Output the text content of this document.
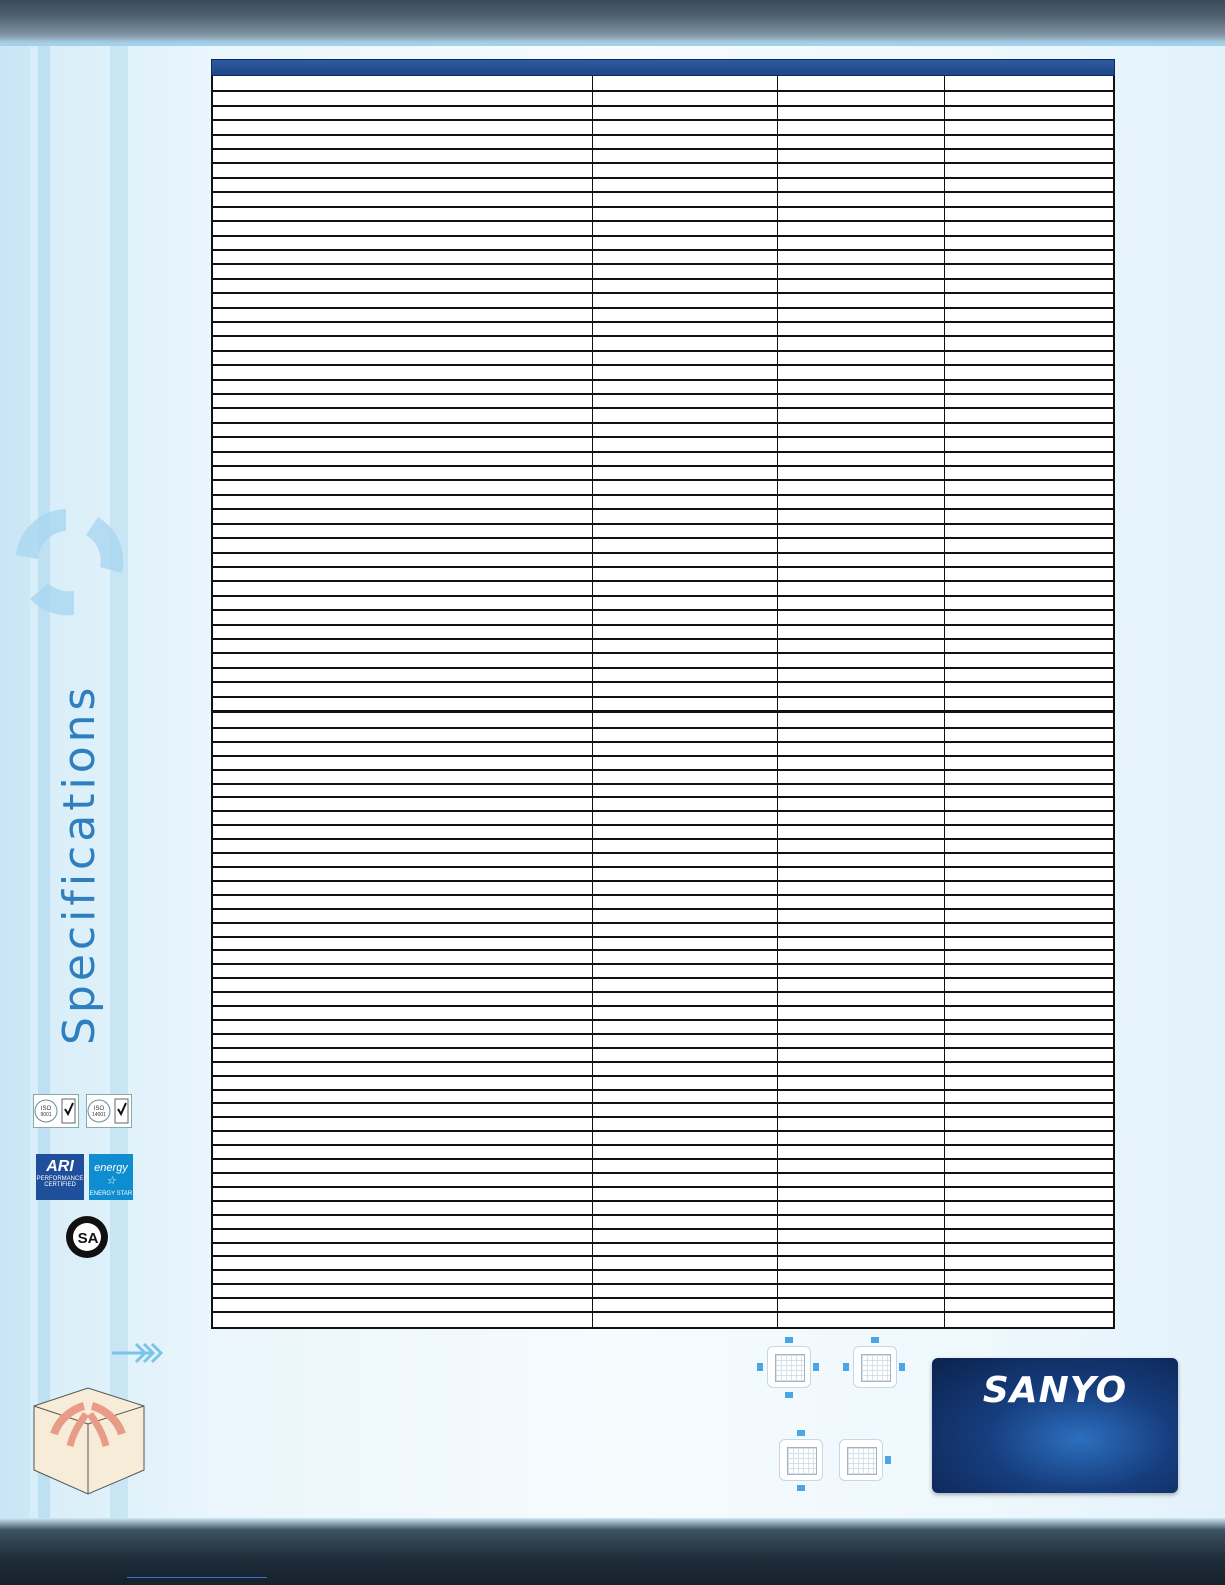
Specifications
ISO
9001
ISO
14001
ARI
PERFORMANCE
CERTIFIED
energy ☆
ENERGY STAR
SA
SANYO
